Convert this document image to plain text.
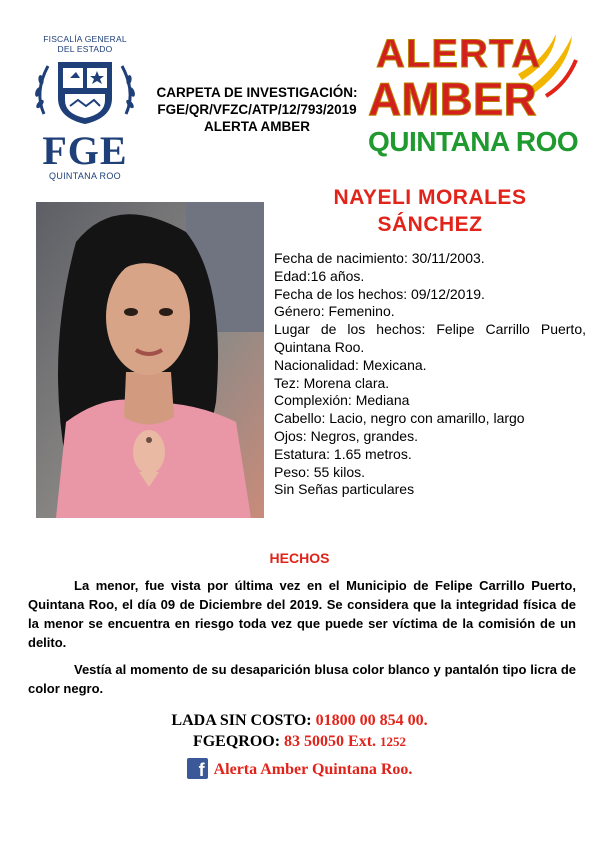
FISCALÍA GENERAL
DEL ESTADO
FGE
QUINTANA ROO
CARPETA DE INVESTIGACIÓN:
FGE/QR/VFZC/ATP/12/793/2019
ALERTA AMBER
ALERTA
AMBER
QUINTANA ROO
NAYELI MORALES
SÁNCHEZ

Fecha de nacimiento: 30/11/2003.

Edad:16 años.

Fecha de los hechos: 09/12/2019.

Género: Femenino.

Lugar de los hechos: Felipe Carrillo Puerto, Quintana Roo.

Nacionalidad: Mexicana.

Tez: Morena clara.

Complexión: Mediana

Cabello: Lacio, negro con amarillo, largo

Ojos: Negros, grandes.

Estatura: 1.65 metros.

Peso: 55 kilos.

Sin Señas particulares

HECHOS
La menor, fue vista por última vez en el Municipio de Felipe Carrillo Puerto, Quintana Roo, el día 09 de Diciembre del 2019. Se considera que la integridad física de la menor se encuentra en riesgo toda vez que puede ser víctima de la comisión de un delito.
Vestía al momento de su desaparición blusa color blanco y pantalón tipo licra de color negro.
LADA SIN COSTO: 01800 00 854 00.
FGEQROO: 83 50050 Ext. 1252
f Alerta Amber Quintana Roo.
